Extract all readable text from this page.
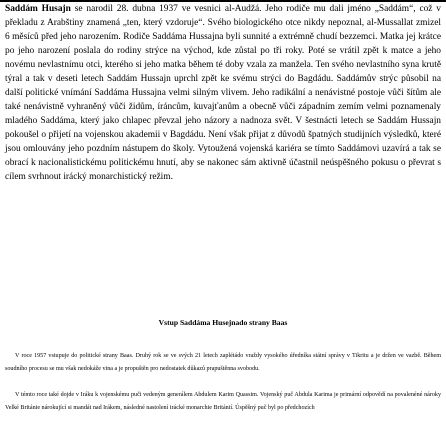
Saddám Husajn se narodil 28. dubna 1937 ve vesnici al-Audžá. Jeho rodiče mu dali jméno „Saddám“, což v překladu z Arabštiny znamená „ten, který vzdoruje“. Svého biologického otce nikdy nepoznal, al-Mussallat zmizel 6 měsíců před jeho narozením. Rodiče Saddáma Hussajna byli sunnité a extrémně chudí bezzemci. Matka jej krátce po jeho narození poslala do rodiny strýce na východ, kde zůstal po tři roky. Poté se vrátil zpět k matce a jeho novému nevlastnímu otci, kterého si jeho matka během té doby vzala za manžela. Ten svého nevlastního syna krutě týral a tak v deseti letech Saddám Hussajn uprchl zpět ke svému strýci do Bagdádu. Saddámův strýc působil na další politické vnímání Saddáma Hussajna velmi silným vlivem. Jeho radikální a nenávistné postoje vůči šítům ale také nenávistně vyhraněný vůči židům, íráncům, kuvajťanům a obecně vůči západním zemím velmi poznamenaly mladého Saddáma, který jako chlapec převzal jeho názory a nadnoza svět. V šestnácti letech se Saddám Hussajn pokoušel o přijetí na vojenskou akademii v Bagdádu. Není však přijat z důvodů špatných studijních výsledků, které jsou omlouvány jeho pozdním nástupem do školy. Vytoužená vojenská kariéra se tímto Saddámovi uzavírá a tak se obrací k nacionalistickému politickému hnutí, aby se nakonec sám aktivně účastnil neúspěšného pokusu o převrat s cílem svrhnout irácký monarchistický režim.
Vstup Saddáma Husejnado strany Baas
V roce 1957 vstupuje do politické strany Baas. Druhý rok se ve svých 21 letech zaplétádo vraždy vysokého úředníka státní správy v Tikritu a je držen ve vazbě. Během soudního procesu se mu však nedokáže vina a je propuštěn pro nedostatek důkazů prapuštěnna svobodu.
V témto roce také dojde v Iráku k vojenskému puči vedeným generálem Abdulem Karim Quassim. Vojenský puč Abdula Karima je primární odpovědí na povalenéné nároky Velké Británie nárokující si mandát nad Irákem, následné nastolení irácké monarchie Británií. Úspěšný puč byl po předchozích
